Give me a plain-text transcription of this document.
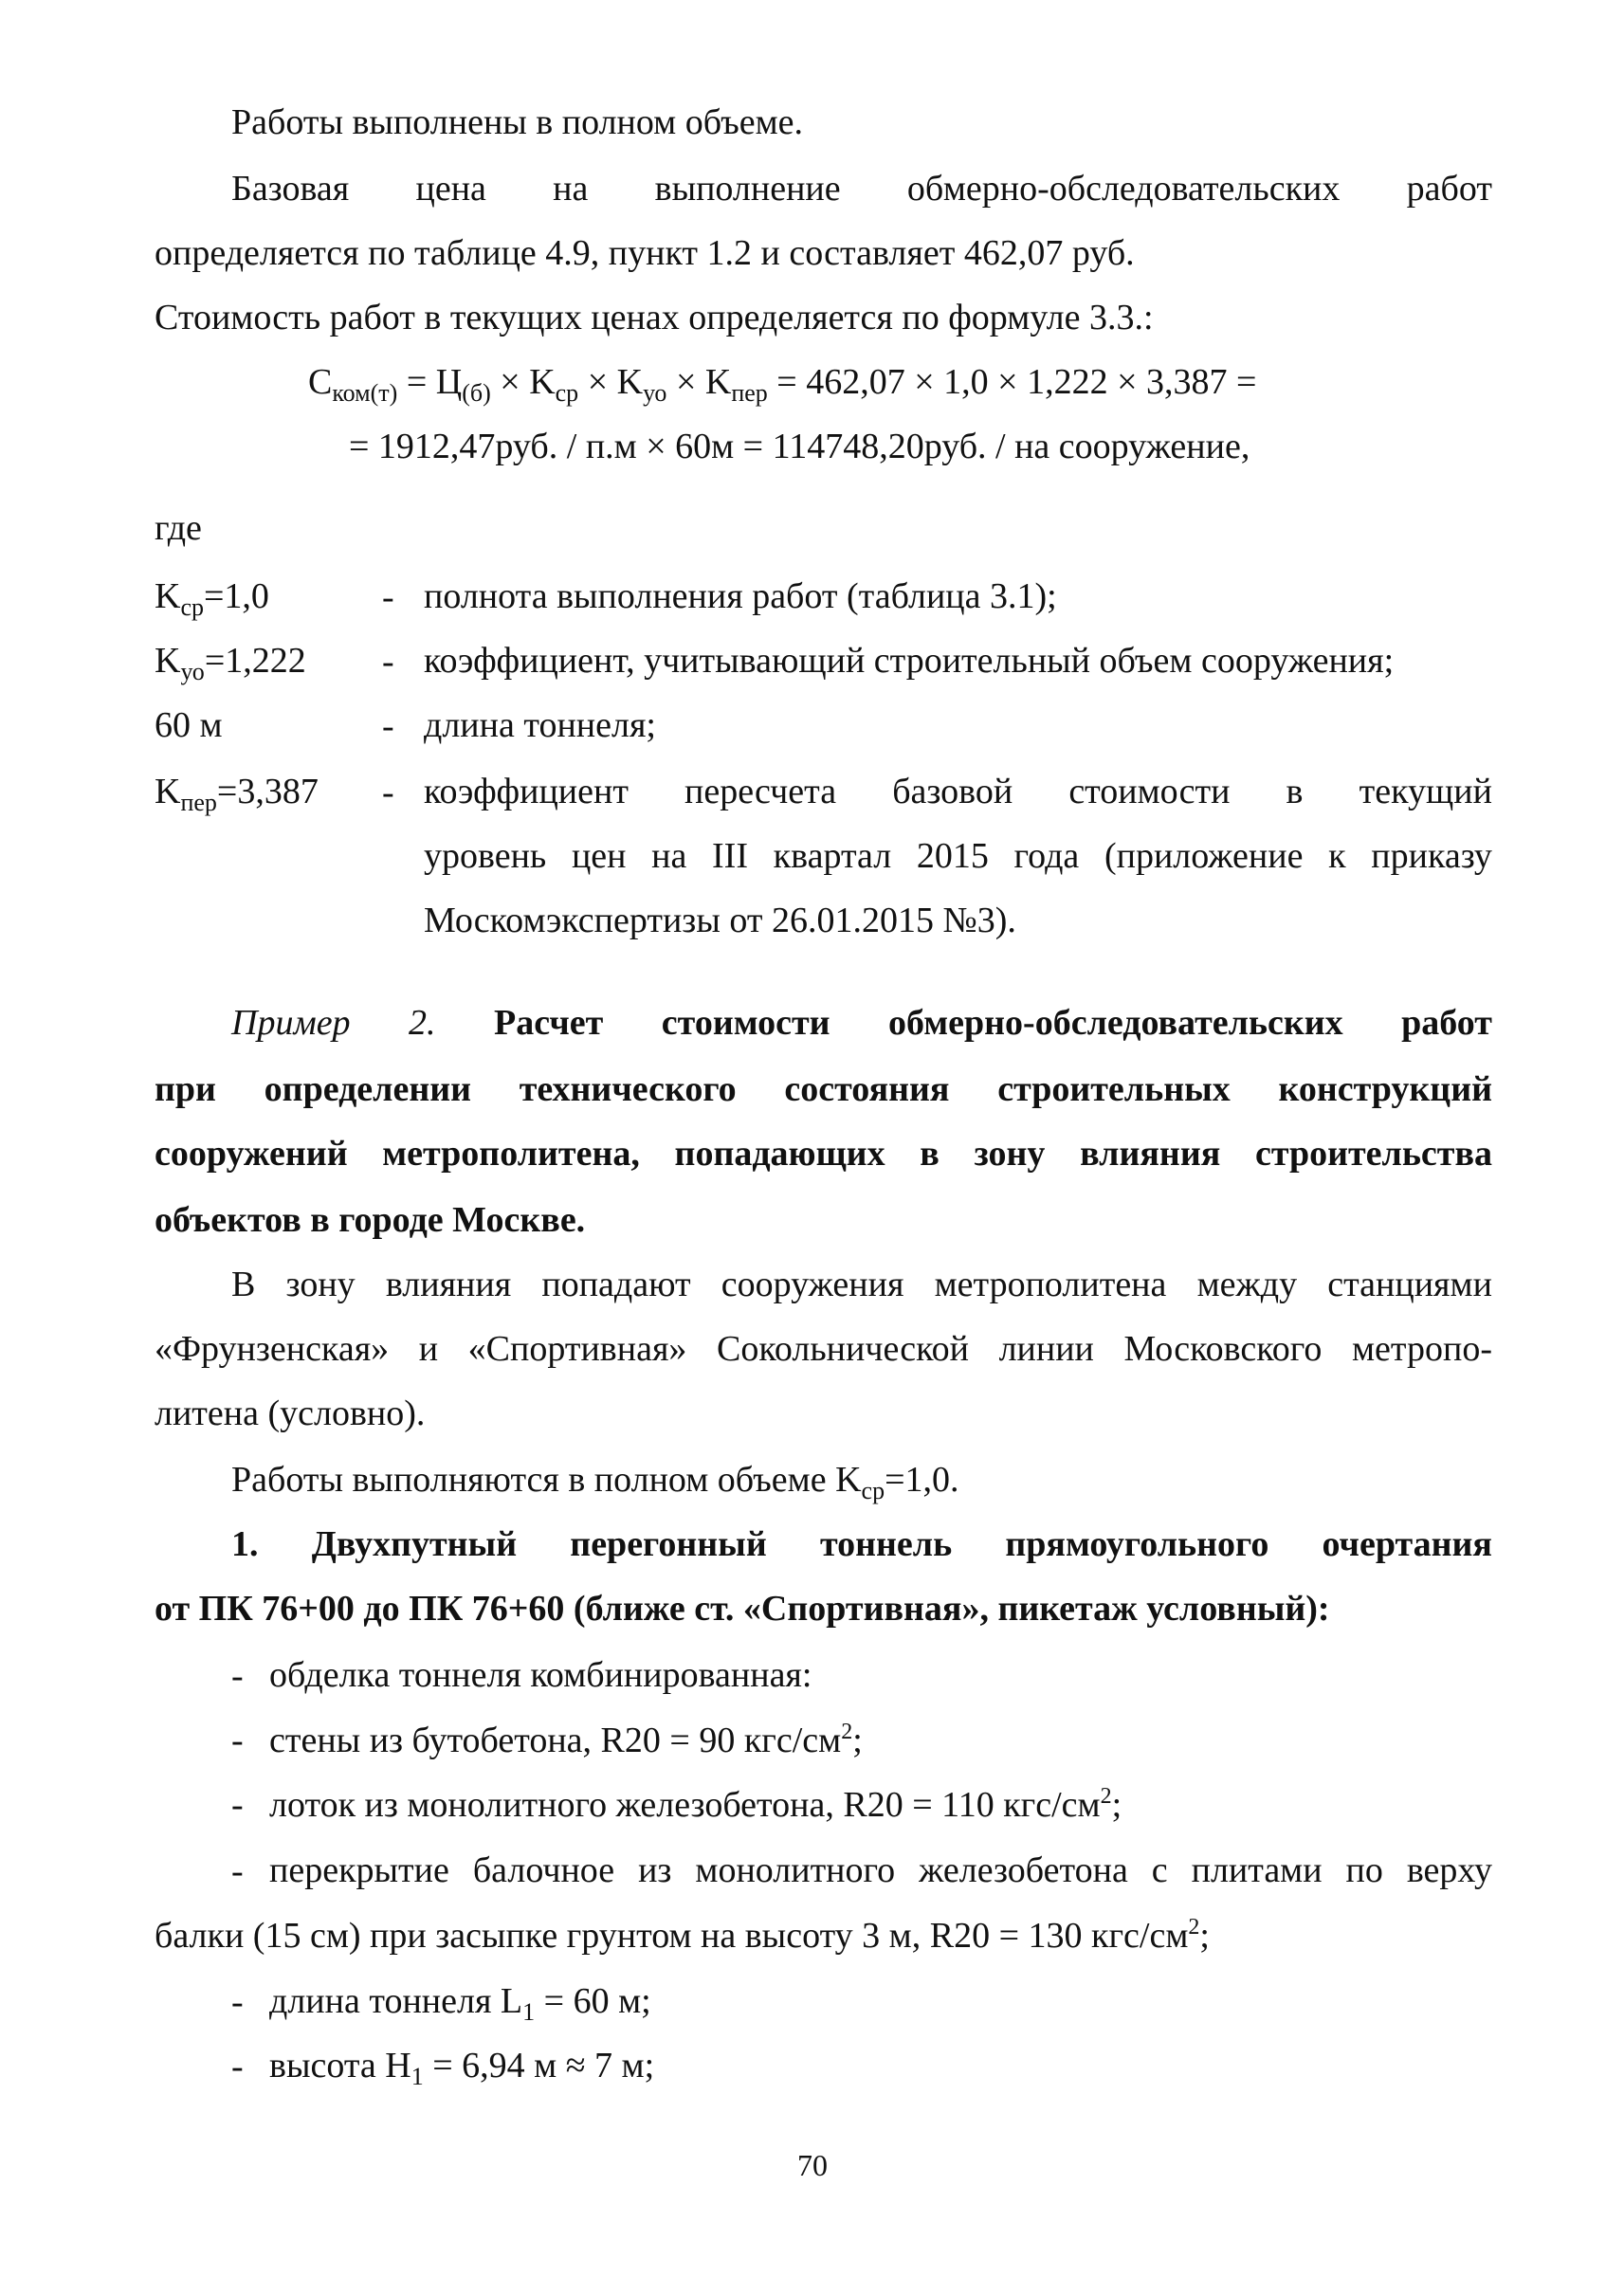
Работы выполнены в полном объеме.
Базовая цена на выполнение обмерно-обследовательских работ
определяется по таблице 4.9, пункт 1.2 и составляет 462,07 руб.
Стоимость работ в текущих ценах определяется по формуле 3.3.:
$C_{ком(т)} = Ц_{(б)} \times K_{ср} \times K_{уо} \times K_{пер} = 462,07 \times 1,0 \times 1,222 \times 3,387$ =
= 1912,47руб. / п.м × 60м = 114748,20руб. / на сооружение,
где
$K_{ср}=1,0$	- полнота выполнения работ (таблица 3.1);
$K_{уо}=1,222$ - коэффициент, учитывающий строительный объем сооружения;
60 м	- длина тоннеля;
$K_{пер}=3,387$ - коэффициент пересчета базовой стоимости в текущий
уровень цен на III квартал 2015 года (приложение к приказу
Москомэкспертизы от 26.01.2015 №3).
Пример 2. Расчет стоимости обмерно-обследовательских работ
при определении технического состояния строительных конструкций
сооружений метрополитена, попадающих в зону влияния строительства
объектов в городе Москве.
В зону влияния попадают сооружения метрополитена между станциями
«Фрунзенская» и «Спортивная» Сокольнической линии Московского метропо-
литена (условно).
Работы выполняются в полном объеме $K_{ср}=1,0$.
1. Двухпутный перегонный тоннель прямоугольного очертания
от ПК 76+00 до ПК 76+60 (ближе ст. «Спортивная», пикетаж условный):
- обделка тоннеля комбинированная:
- стены из бутобетона, R20 = 90 кгс/$см^2$;
- лоток из монолитного железобетона, R20 = 110 кгс/$см^2$;
- перекрытие балочное из монолитного железобетона с плитами по верху
балки (15 см) при засыпке грунтом на высоту 3 м, R20 = 130 кгс/$см^2$;
- длина тоннеля $L_1 = 60$ м;
- высота $H_1 = 6,94$ м ≈ 7 м;
70
